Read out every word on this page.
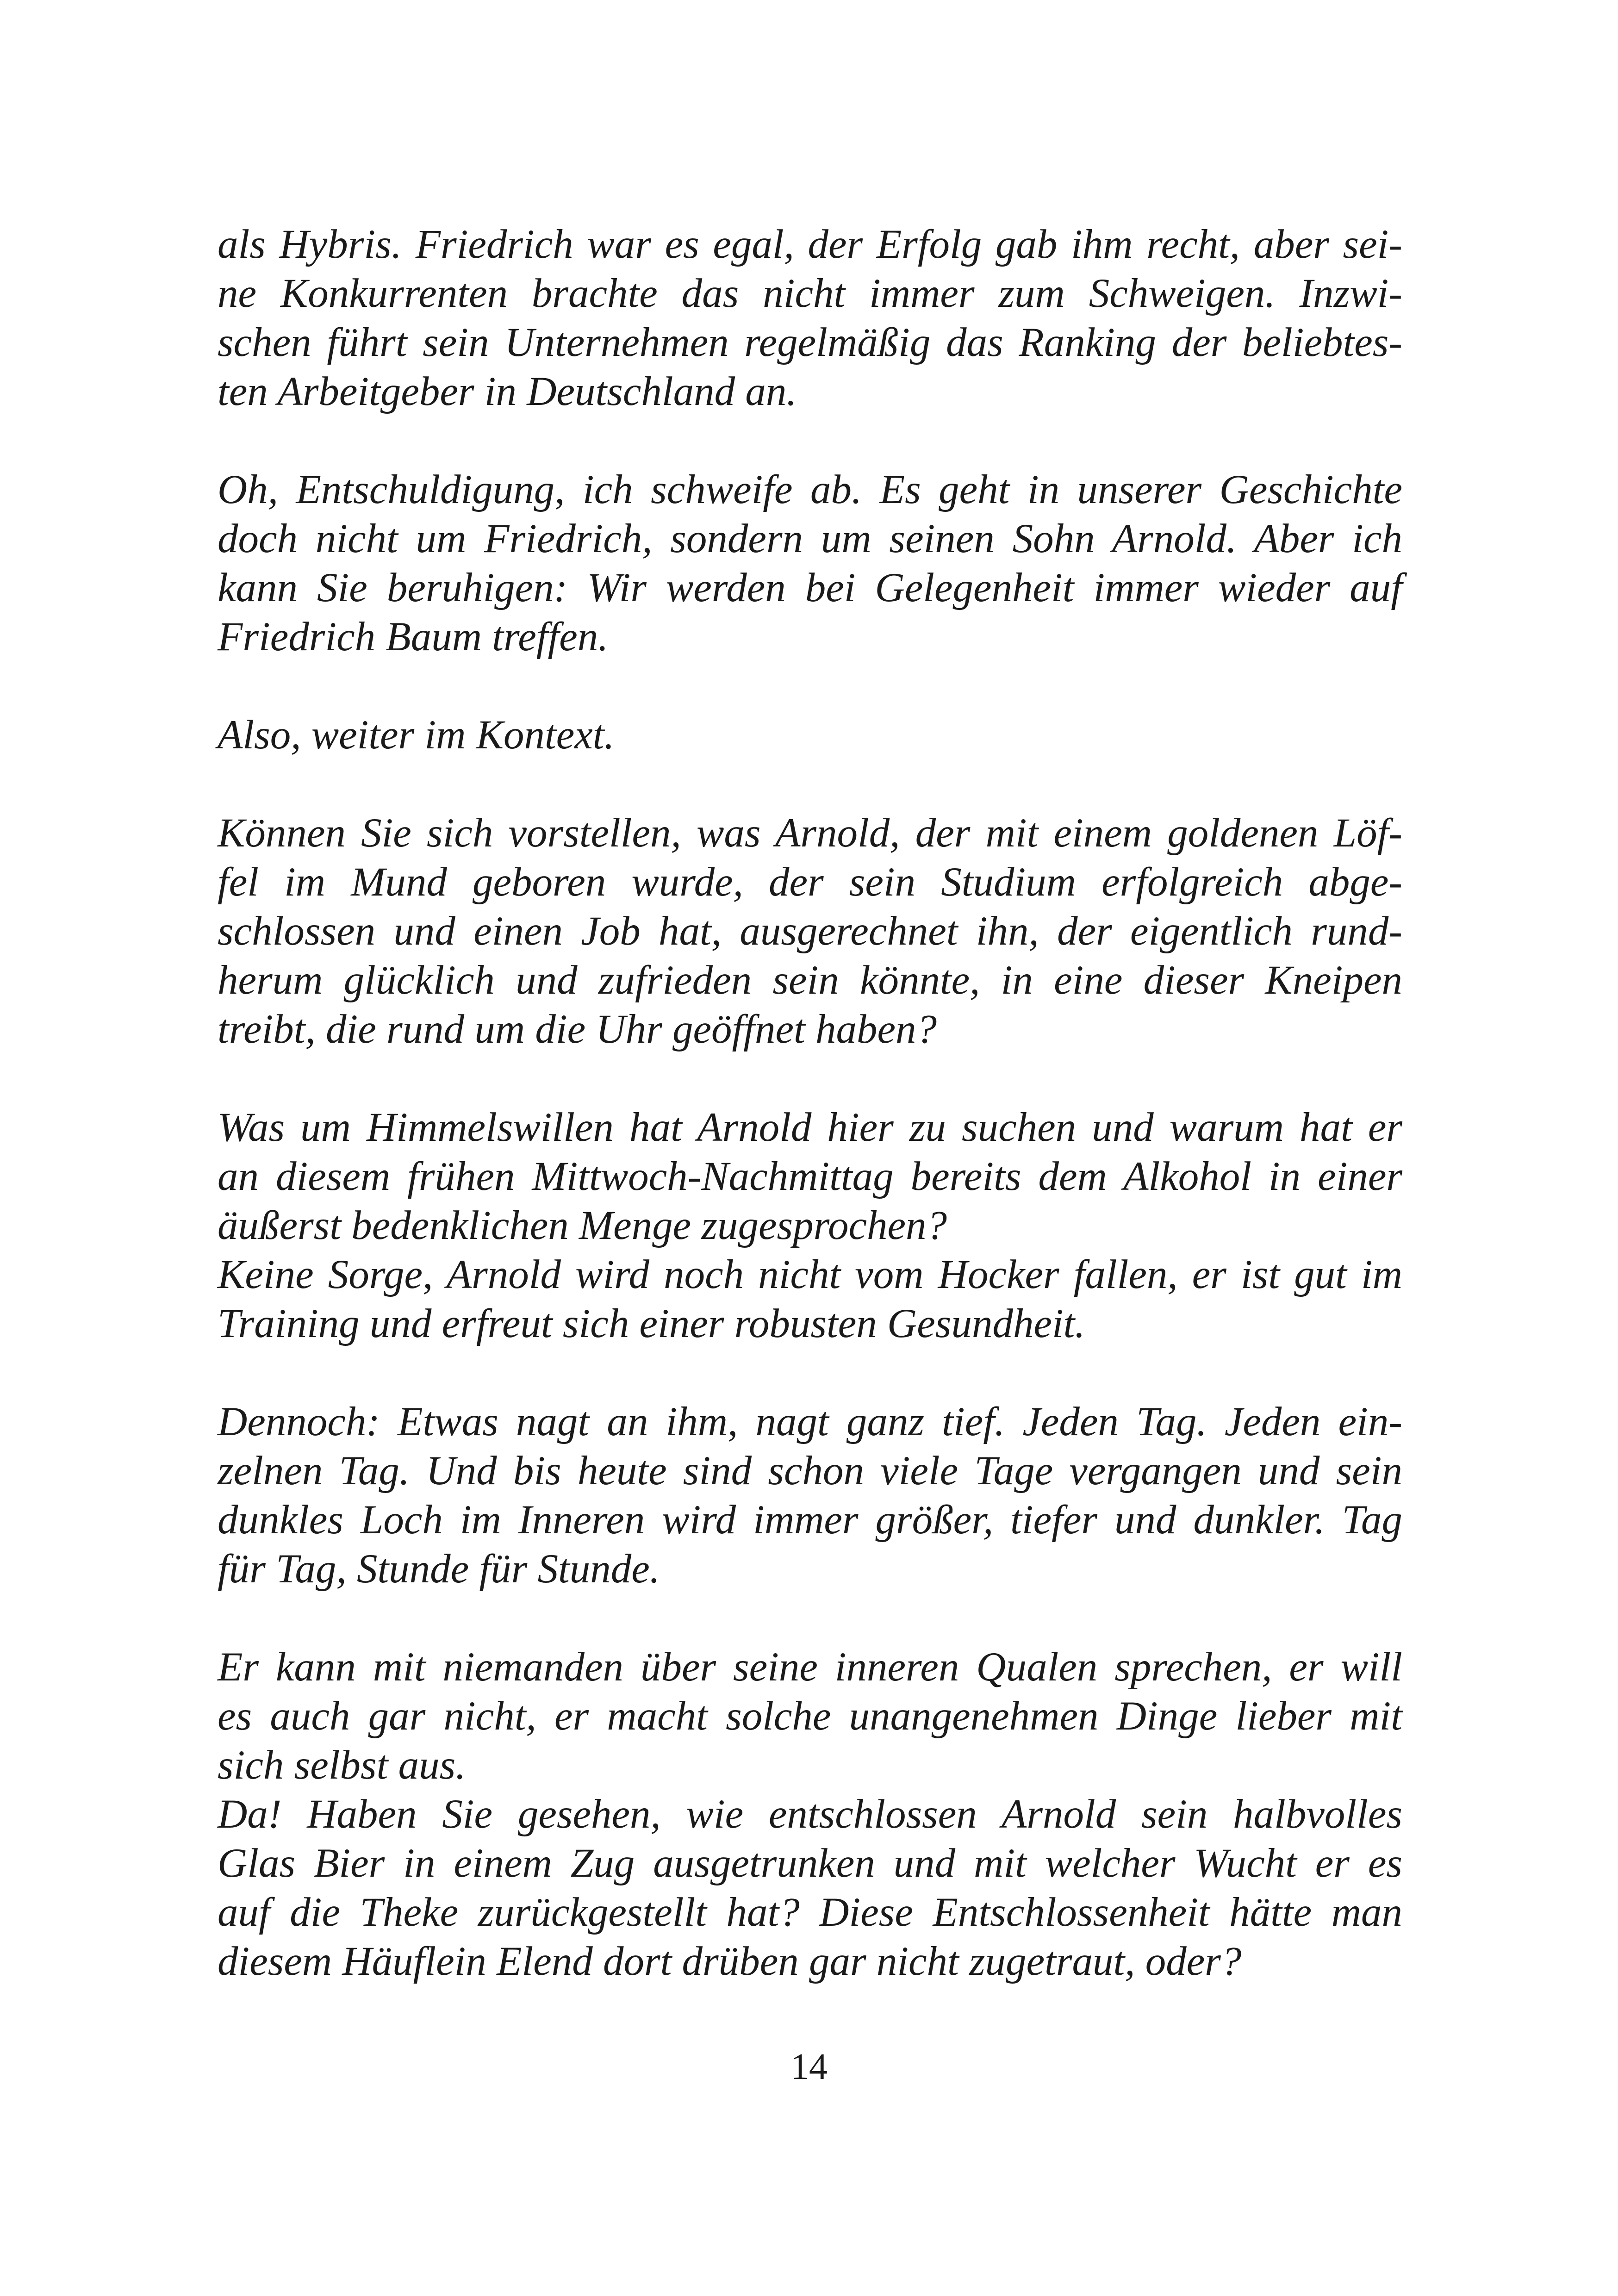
als Hybris. Friedrich war es egal, der Erfolg gab ihm recht, aber sei-
ne Konkurrenten brachte das nicht immer zum Schweigen. Inzwi-
schen führt sein Unternehmen regelmäßig das Ranking der beliebtes-
ten Arbeitgeber in Deutschland an.

Oh, Entschuldigung, ich schweife ab. Es geht in unserer Geschichte
doch nicht um Friedrich, sondern um seinen Sohn Arnold. Aber ich
kann Sie beruhigen: Wir werden bei Gelegenheit immer wieder auf
Friedrich Baum treffen.

Also, weiter im Kontext.

Können Sie sich vorstellen, was Arnold, der mit einem goldenen Löf-
fel im Mund geboren wurde, der sein Studium erfolgreich abge-
schlossen und einen Job hat, ausgerechnet ihn, der eigentlich rund-
herum glücklich und zufrieden sein könnte, in eine dieser Kneipen
treibt, die rund um die Uhr geöffnet haben?

Was um Himmelswillen hat Arnold hier zu suchen und warum hat er
an diesem frühen Mittwoch-Nachmittag bereits dem Alkohol in einer
äußerst bedenklichen Menge zugesprochen?

Keine Sorge, Arnold wird noch nicht vom Hocker fallen, er ist gut im
Training und erfreut sich einer robusten Gesundheit.

Dennoch: Etwas nagt an ihm, nagt ganz tief. Jeden Tag. Jeden ein-
zelnen Tag. Und bis heute sind schon viele Tage vergangen und sein
dunkles Loch im Inneren wird immer größer, tiefer und dunkler. Tag
für Tag, Stunde für Stunde.

Er kann mit niemanden über seine inneren Qualen sprechen, er will
es auch gar nicht, er macht solche unangenehmen Dinge lieber mit
sich selbst aus.

Da! Haben Sie gesehen, wie entschlossen Arnold sein halbvolles
Glas Bier in einem Zug ausgetrunken und mit welcher Wucht er es
auf die Theke zurückgestellt hat? Diese Entschlossenheit hätte man
diesem Häuflein Elend dort drüben gar nicht zugetraut, oder?

14
